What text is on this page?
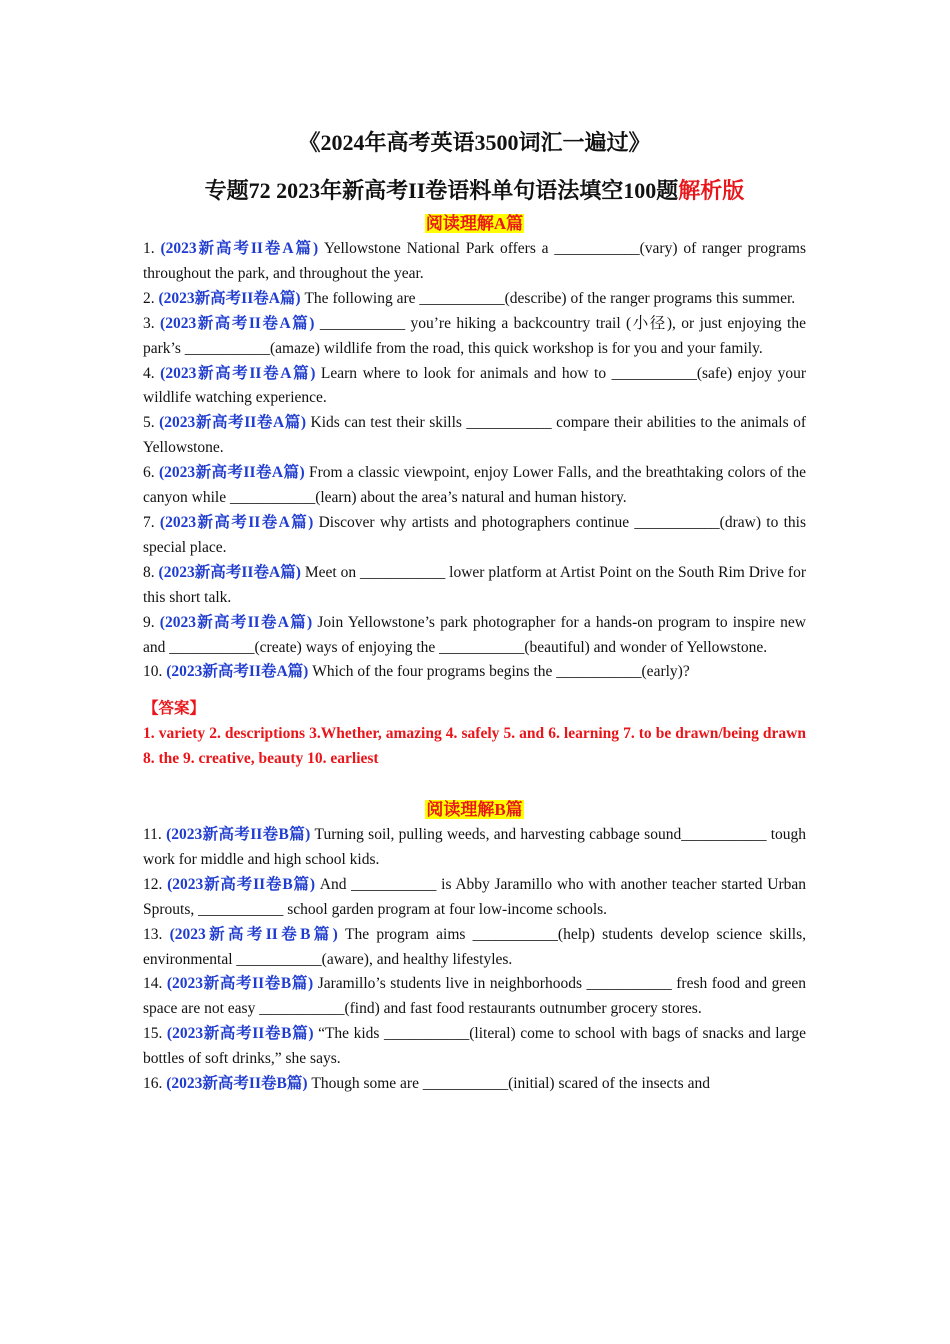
《2024年高考英语3500词汇一遍过》

专题72 2023年新高考II卷语料单句语法填空100题解析版

阅读理解A篇

1. (2023新高考II卷A篇) Yellowstone National Park offers a ___________(vary) of ranger programs throughout the park, and throughout the year.

2. (2023新高考II卷A篇) The following are ___________(describe) of the ranger programs this summer.

3. (2023新高考II卷A篇) ___________ you’re hiking a backcountry trail (小径), or just enjoying the park’s ___________(amaze) wildlife from the road, this quick workshop is for you and your family.

4. (2023新高考II卷A篇) Learn where to look for animals and how to ___________(safe) enjoy your wildlife watching experience.

5. (2023新高考II卷A篇) Kids can test their skills ___________ compare their abilities to the animals of Yellowstone.

6. (2023新高考II卷A篇) From a classic viewpoint, enjoy Lower Falls, and the breathtaking colors of the canyon while ___________(learn) about the area’s natural and human history.

7. (2023新高考II卷A篇) Discover why artists and photographers continue ___________(draw) to this special place.

8. (2023新高考II卷A篇) Meet on ___________ lower platform at Artist Point on the South Rim Drive for this short talk.

9. (2023新高考II卷A篇) Join Yellowstone’s park photographer for a hands-on program to inspire new and ___________(create) ways of enjoying the ___________(beautiful) and wonder of Yellowstone.

10. (2023新高考II卷A篇) Which of the four programs begins the ___________(early)?

【答案】
1. variety 2. descriptions 3.Whether, amazing 4. safely 5. and 6. learning 7. to be drawn/being drawn 8. the 9. creative, beauty 10. earliest
阅读理解B篇

11. (2023新高考II卷B篇) Turning soil, pulling weeds, and harvesting cabbage sound___________ tough work for middle and high school kids.

12. (2023新高考II卷B篇) And ___________ is Abby Jaramillo who with another teacher started Urban Sprouts, ___________ school garden program at four low-income schools.

13. (2023新高考II卷B篇) The program aims ___________(help) students develop science skills, environmental ___________(aware), and healthy lifestyles.

14. (2023新高考II卷B篇) Jaramillo’s students live in neighborhoods ___________ fresh food and green space are not easy ___________(find) and fast food restaurants outnumber grocery stores.

15. (2023新高考II卷B篇) “The kids ___________(literal) come to school with bags of snacks and large bottles of soft drinks,” she says.

16. (2023新高考II卷B篇) Though some are ___________(initial) scared of the insects and
